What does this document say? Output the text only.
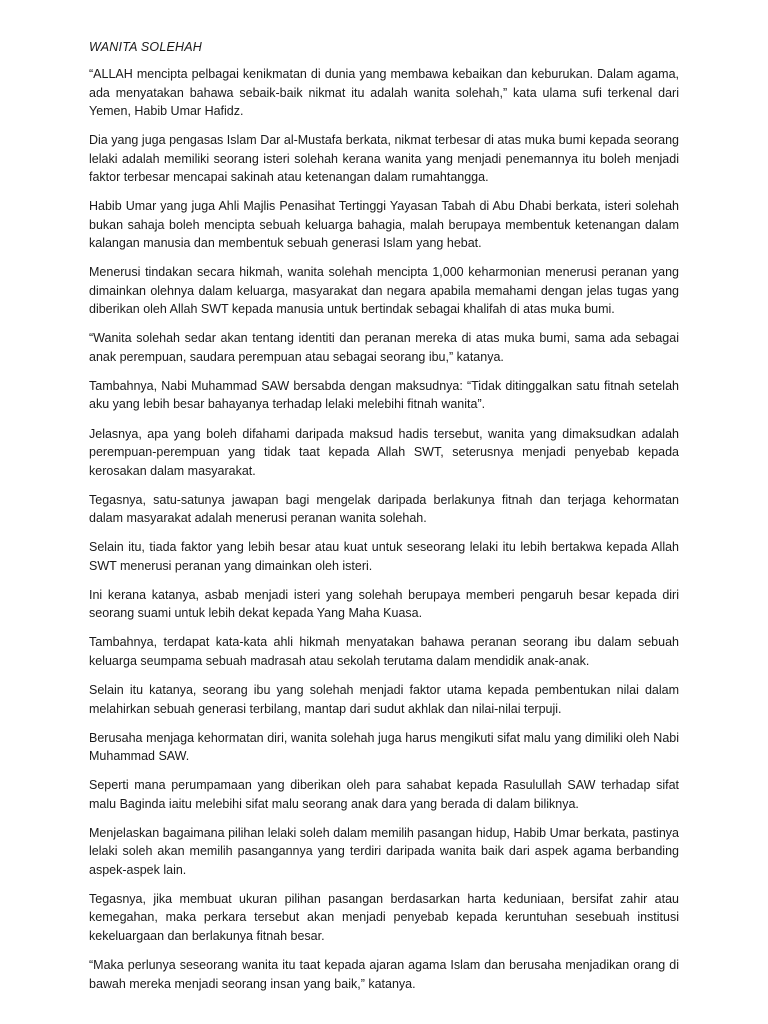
WANITA SOLEHAH

“ALLAH mencipta pelbagai kenikmatan di dunia yang membawa kebaikan dan keburukan. Dalam agama, ada menyatakan bahawa sebaik-baik nikmat itu adalah wanita solehah,” kata ulama sufi terkenal dari Yemen, Habib Umar Hafidz.

Dia yang juga pengasas Islam Dar al-Mustafa berkata, nikmat terbesar di atas muka bumi kepada seorang lelaki adalah memiliki seorang isteri solehah kerana wanita yang menjadi penemannya itu boleh menjadi faktor terbesar mencapai sakinah atau ketenangan dalam rumahtangga.

Habib Umar yang juga Ahli Majlis Penasihat Tertinggi Yayasan Tabah di Abu Dhabi berkata, isteri solehah bukan sahaja boleh mencipta sebuah keluarga bahagia, malah berupaya membentuk ketenangan dalam kalangan manusia dan membentuk sebuah generasi Islam yang hebat.

Menerusi tindakan secara hikmah, wanita solehah mencipta 1,000 keharmonian menerusi peranan yang dimainkan olehnya dalam keluarga, masyarakat dan negara apabila memahami dengan jelas tugas yang diberikan oleh Allah SWT kepada manusia untuk bertindak sebagai khalifah di atas muka bumi.

“Wanita solehah sedar akan tentang identiti dan peranan mereka di atas muka bumi, sama ada sebagai anak perempuan, saudara perempuan atau sebagai seorang ibu,” katanya.

Tambahnya, Nabi Muhammad SAW bersabda dengan maksudnya: “Tidak ditinggalkan satu fitnah setelah aku yang lebih besar bahayanya terhadap lelaki melebihi fitnah wanita”.

Jelasnya, apa yang boleh difahami daripada maksud hadis tersebut, wanita yang dimaksudkan adalah perempuan-perempuan yang tidak taat kepada Allah SWT, seterusnya menjadi penyebab kepada kerosakan dalam masyarakat.

Tegasnya, satu-satunya jawapan bagi mengelak daripada berlakunya fitnah dan terjaga kehormatan dalam masyarakat adalah menerusi peranan wanita solehah.

Selain itu, tiada faktor yang lebih besar atau kuat untuk seseorang lelaki itu lebih bertakwa kepada Allah SWT menerusi peranan yang dimainkan oleh isteri.

Ini kerana katanya, asbab menjadi isteri yang solehah berupaya memberi pengaruh besar kepada diri seorang suami untuk lebih dekat kepada Yang Maha Kuasa.

Tambahnya, terdapat kata-kata ahli hikmah menyatakan bahawa peranan seorang ibu dalam sebuah keluarga seumpama sebuah madrasah atau sekolah terutama dalam mendidik anak-anak.

Selain itu katanya, seorang ibu yang solehah menjadi faktor utama kepada pembentukan nilai dalam melahirkan sebuah generasi terbilang, mantap dari sudut akhlak dan nilai-nilai terpuji.

Berusaha menjaga kehormatan diri, wanita solehah juga harus mengikuti sifat malu yang dimiliki oleh Nabi Muhammad SAW.

Seperti mana perumpamaan yang diberikan oleh para sahabat kepada Rasulullah SAW terhadap sifat malu Baginda iaitu melebihi sifat malu seorang anak dara yang berada di dalam biliknya.

Menjelaskan bagaimana pilihan lelaki soleh dalam memilih pasangan hidup, Habib Umar berkata, pastinya lelaki soleh akan memilih pasangannya yang terdiri daripada wanita baik dari aspek agama berbanding aspek-aspek lain.

Tegasnya, jika membuat ukuran pilihan pasangan berdasarkan harta keduniaan, bersifat zahir atau kemegahan, maka perkara tersebut akan menjadi penyebab kepada keruntuhan sesebuah institusi kekeluargaan dan berlakunya fitnah besar.

“Maka perlunya seseorang wanita itu taat kepada ajaran agama Islam dan berusaha menjadikan orang di bawah mereka menjadi seorang insan yang baik,” katanya.
